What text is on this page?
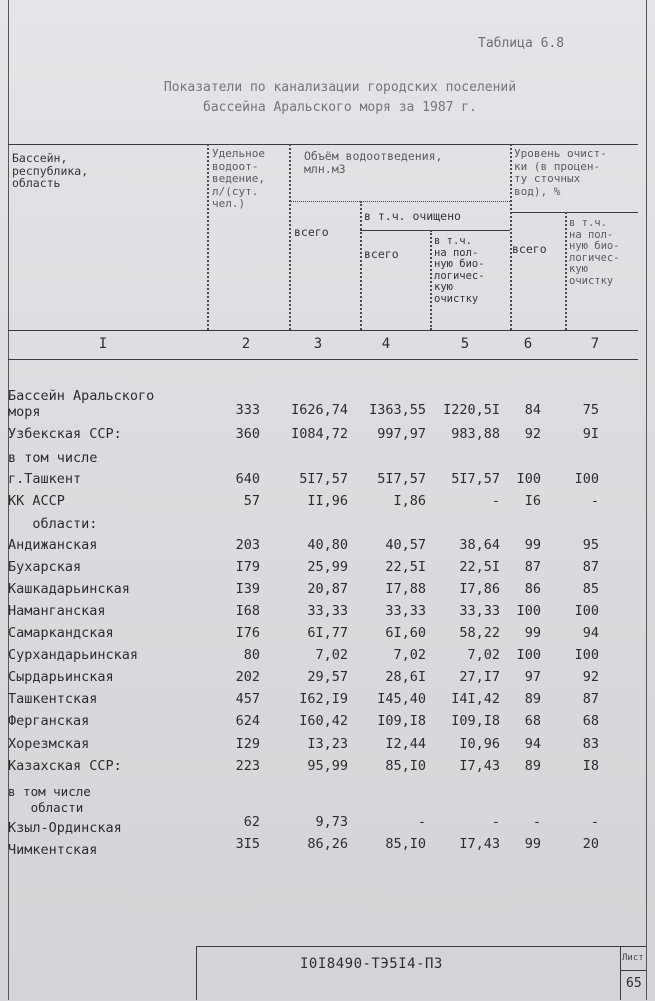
Таблица 6.8
Показатели по канализации городских поселений
бассейна Аральского моря за 1987 г.
Бассейн,
республика,
область
Удельное
водоот-
ведение,
л/(сут.
чел.)
Объём водоотведения,
млн.м3
всего
в т.ч. очищено
всего
в т.ч.
на пол-
ную био-
логичес-
кую
очистку
Уровень очист-
ки (в процен-
ту сточных
вод), %
всего
в т.ч.
на пол-
ную био-
логичес-
кую
очистку
I	2	3	4	5	6	7
Бассейн Аральского
моря	333 I626,74 I363,55 I220,5I 84	75
Узбекская ССР:	360 I084,72 997,97 983,88 92	9I
в том числе
г.Ташкент	640	5I7,57 5I7,57 5I7,57 I00 I00
КК АССР	57	II,96	I,86	- I6	-
области:
Андижанская	203	40,80	40,57 38,64 99	95
Бухарская	I79	25,99	22,5I 22,5I 87	87
Кашкадарьинская	I39	20,87	I7,88 I7,86 86	85
Наманганская	I68	33,33	33,33 33,33 I00 I00
Самаркандская	I76	6I,77	6I,60 58,22 99	94
Сурхандарьинская	80	7,02	7,02	7,02 I00 I00
Сырдарьинская	202	29,57	28,6I 27,I7 97	92
Ташкентская	457	I62,I9 I45,40 I4I,42 89	87
Ферганская	624	I60,42 I09,I8 I09,I8 68	68
Хорезмская	I29	I3,23	I2,44 I0,96 94	83
Казахская ССР:	223	95,99	85,I0 I7,43 89	I8
в том числе
области
Кзыл-Ординская	62	9,73	-	- -	-
Чимкентская	3I5	86,26	85,I0 I7,43 99	20
I0I8490-ТЭ5I4-ПЗ	Лист
65
